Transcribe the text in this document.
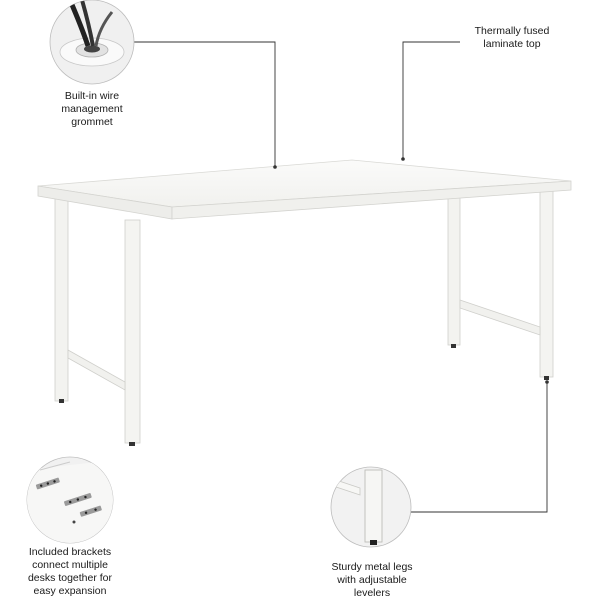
Built-in wire
management
grommet
Thermally fused
laminate top
Included brackets
connect multiple
desks together for
easy expansion
Sturdy metal legs
with adjustable
levelers
